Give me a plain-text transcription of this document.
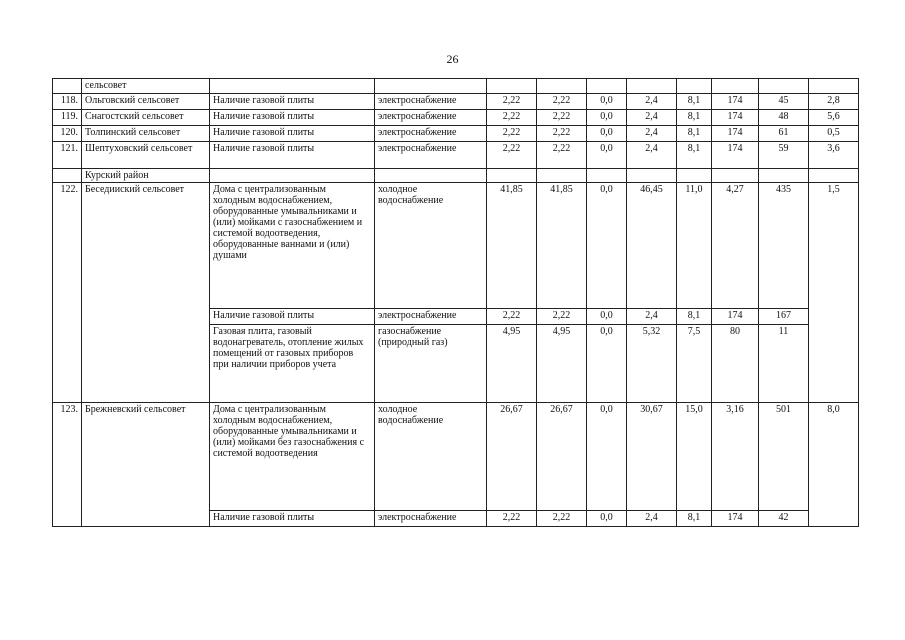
26
	сельсовет										
118.	Ольговский сельсовет	Наличие газовой плиты	электроснабжение	2,22	2,22	0,0	2,4	8,1	174	45	2,8
119.	Снагостский сельсовет	Наличие газовой плиты	электроснабжение	2,22	2,22	0,0	2,4	8,1	174	48	5,6
120.	Толпинский сельсовет	Наличие газовой плиты	электроснабжение	2,22	2,22	0,0	2,4	8,1	174	61	0,5
121.	Шептуховский сельсовет	Наличие газовой плиты	электроснабжение	2,22	2,22	0,0	2,4	8,1	174	59	3,6
	Курский район										
122.	Беседииский сельсовет	Дома с централизованным холодным водоснабжением, оборудованные умывальниками и (или) мойками с газоснабжением и системой водоотведения, оборудованные ваннами и (или) душами	холодное водоснабжение	41,85	41,85	0,0	46,45	11,0	4,27	435	1,5
		Наличие газовой плиты	электроснабжение	2,22	2,22	0,0	2,4	8,1	174	167	
		Газовая плита, газовый водонагреватель, отопление жилых помещений от газовых приборов при наличии приборов учета	газоснабжение (природный газ)	4,95	4,95	0,0	5,32	7,5	80	11	
123.	Брежневский сельсовет	Дома с централизованным холодным водоснабжением, оборудованные умывальниками и (или) мойками без газоснабжения с системой водоотведения	холодное водоснабжение	26,67	26,67	0,0	30,67	15,0	3,16	501	8,0
		Наличие газовой плиты	электроснабжение	2,22	2,22	0,0	2,4	8,1	174	42	
